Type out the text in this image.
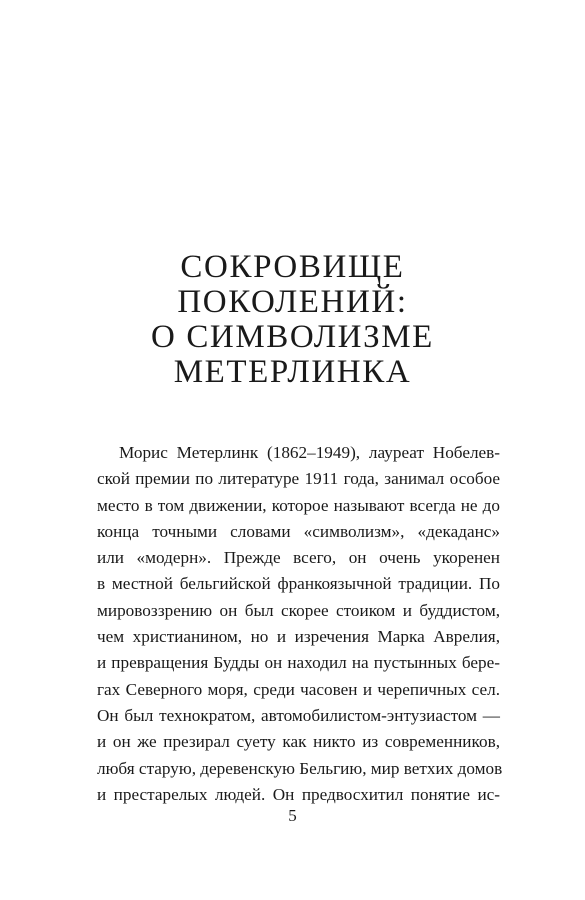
СОКРОВИЩЕ
ПОКОЛЕНИЙ:
О СИМВОЛИЗМЕ
МЕТЕРЛИНКА

Морис Метерлинк (1862–1949), лауреат Нобелев-
ской премии по литературе 1911 года, занимал особое
место в том движении, которое называют всегда не до
конца точными словами «символизм», «декаданс»
или «модерн». Прежде всего, он очень укоренен
в местной бельгийской франкоязычной традиции. По
мировоззрению он был скорее стоиком и буддистом,
чем христианином, но и изречения Марка Аврелия,
и превращения Будды он находил на пустынных бере-
гах Северного моря, среди часовен и черепичных сел.
Он был технократом, автомобилистом-энтузиастом —
и он же презирал суету как никто из современников,
любя старую, деревенскую Бельгию, мир ветхих домов
и престарелых людей. Он предвосхитил понятие ис-

5
